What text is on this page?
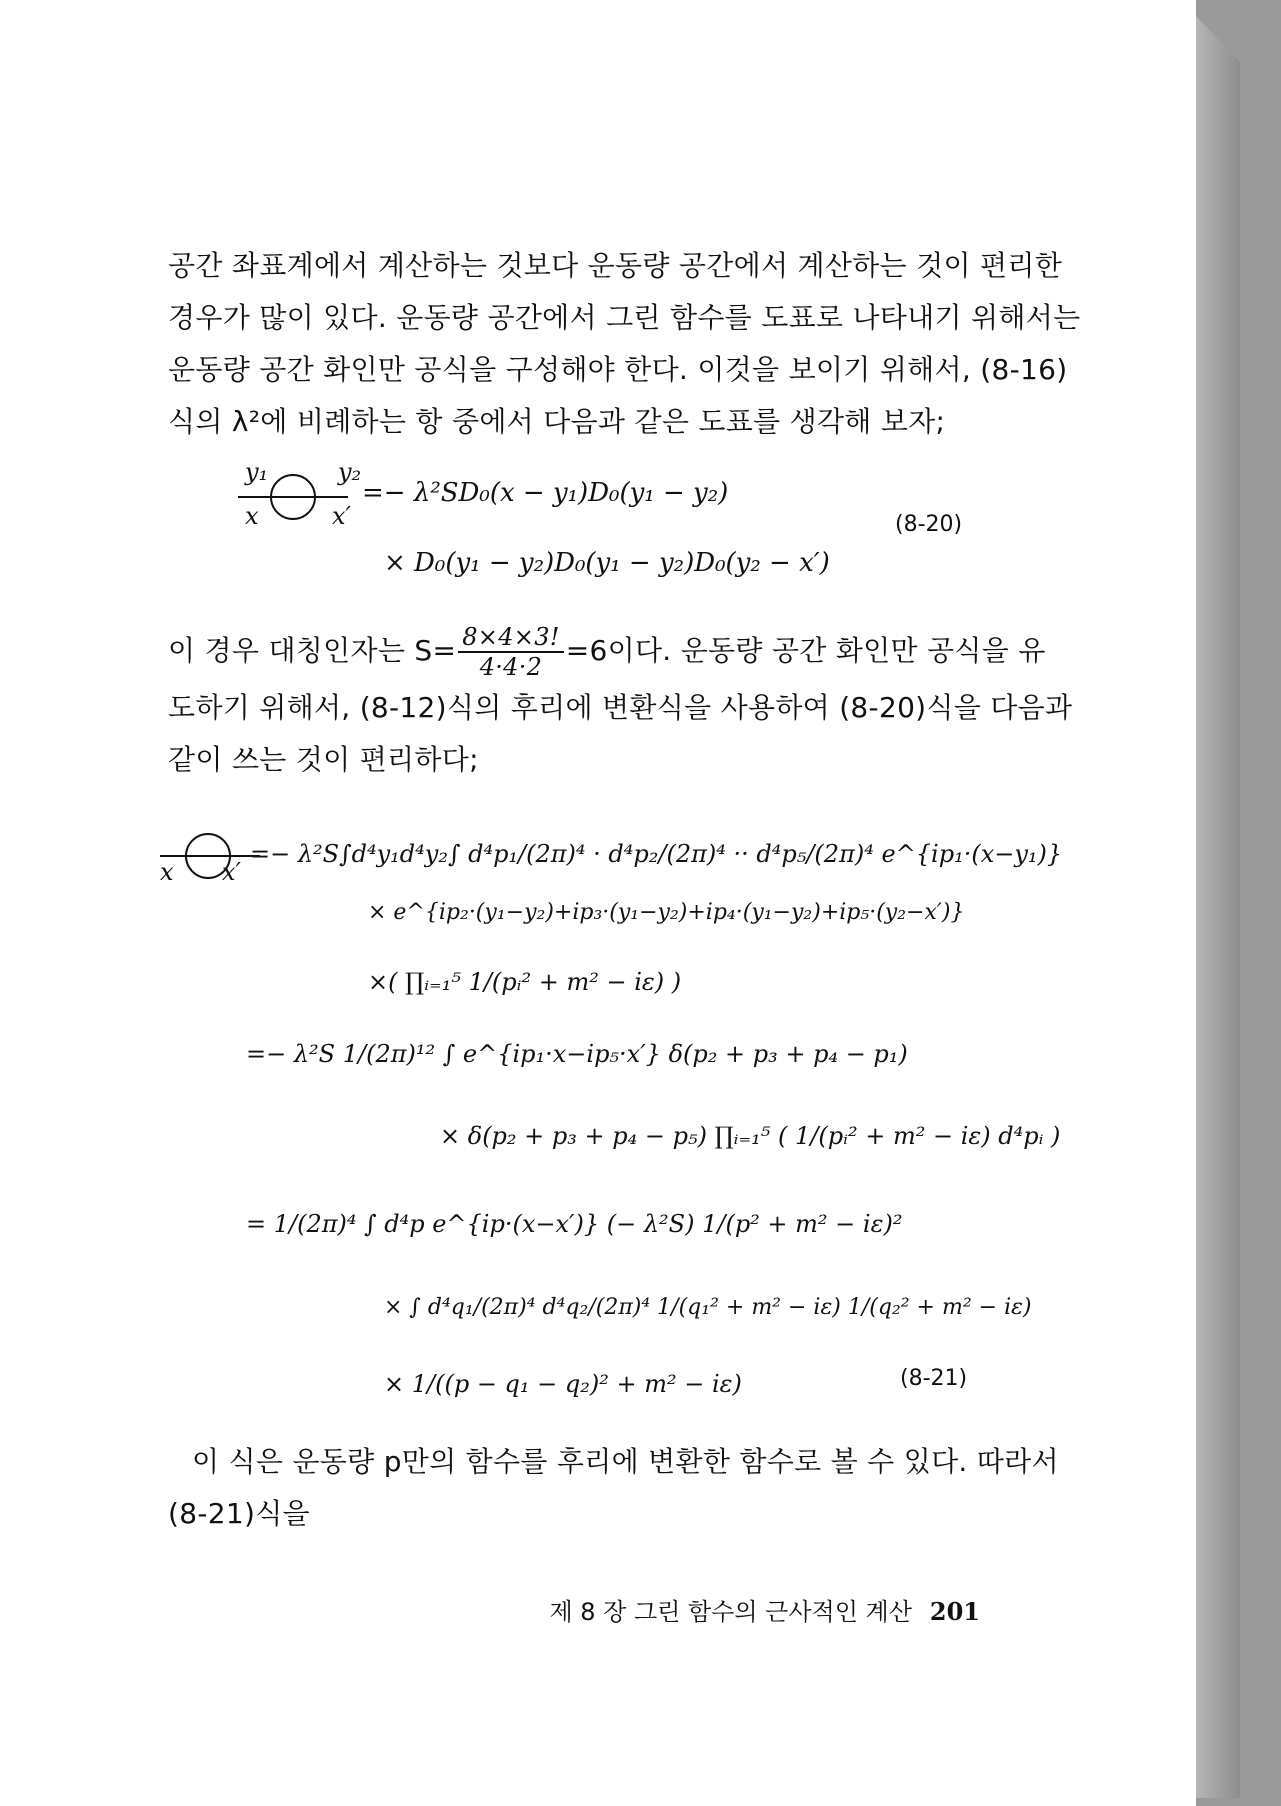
공간 좌표계에서 계산하는 것보다 운동량 공간에서 계산하는 것이 편리한
경우가 많이 있다. 운동량 공간에서 그린 함수를 도표로 나타내기 위해서는
운동량 공간 화인만 공식을 구성해야 한다. 이것을 보이기 위해서, (8-16)
식의 λ²에 비례하는 항 중에서 다음과 같은 도표를 생각해 보자;
y₁	y₂
x	x′
=− λ²SD₀(x − y₁)D₀(y₁ − y₂)
× D₀(y₁ − y₂)D₀(y₁ − y₂)D₀(y₂ − x′)
(8-20)
이 경우 대칭인자는 $S= \frac{8\times 4\times 3!}{4\cdot 4\cdot 2} =6$이다. 운동량 공간 화인만 공식을 유
도하기 위해서, (8-12)식의 후리에 변환식을 사용하여 (8-20)식을 다음과
같이 쓰는 것이 편리하다;
x x′
=− λ²S∫d⁴y₁d⁴y₂∫ d⁴p₁/(2π)⁴ · d⁴p₂/(2π)⁴ ·· d⁴p₅/(2π)⁴ e^{ip₁·(x−y₁)}
× e^{ip₂·(y₁−y₂)+ip₃·(y₁−y₂)+ip₄·(y₁−y₂)+ip₅·(y₂−x′)}
×( ∏ᵢ₌₁⁵ 1/(pᵢ² + m² − iε) )
=− λ²S 1/(2π)¹² ∫ e^{ip₁·x−ip₅·x′} δ(p₂ + p₃ + p₄ − p₁)
× δ(p₂ + p₃ + p₄ − p₅) ∏ᵢ₌₁⁵ ( 1/(pᵢ² + m² − iε) d⁴pᵢ )
= 1/(2π)⁴ ∫ d⁴p e^{ip·(x−x′)} (− λ²S) 1/(p² + m² − iε)²
× ∫ d⁴q₁/(2π)⁴ d⁴q₂/(2π)⁴ 1/(q₁² + m² − iε) 1/(q₂² + m² − iε)
× 1/((p − q₁ − q₂)² + m² − iε)	(8-21)
이 식은 운동량 p만의 함수를 후리에 변환한 함수로 볼 수 있다. 따라서
(8-21)식을
제 8 장 그린 함수의 근사적인 계산 201
